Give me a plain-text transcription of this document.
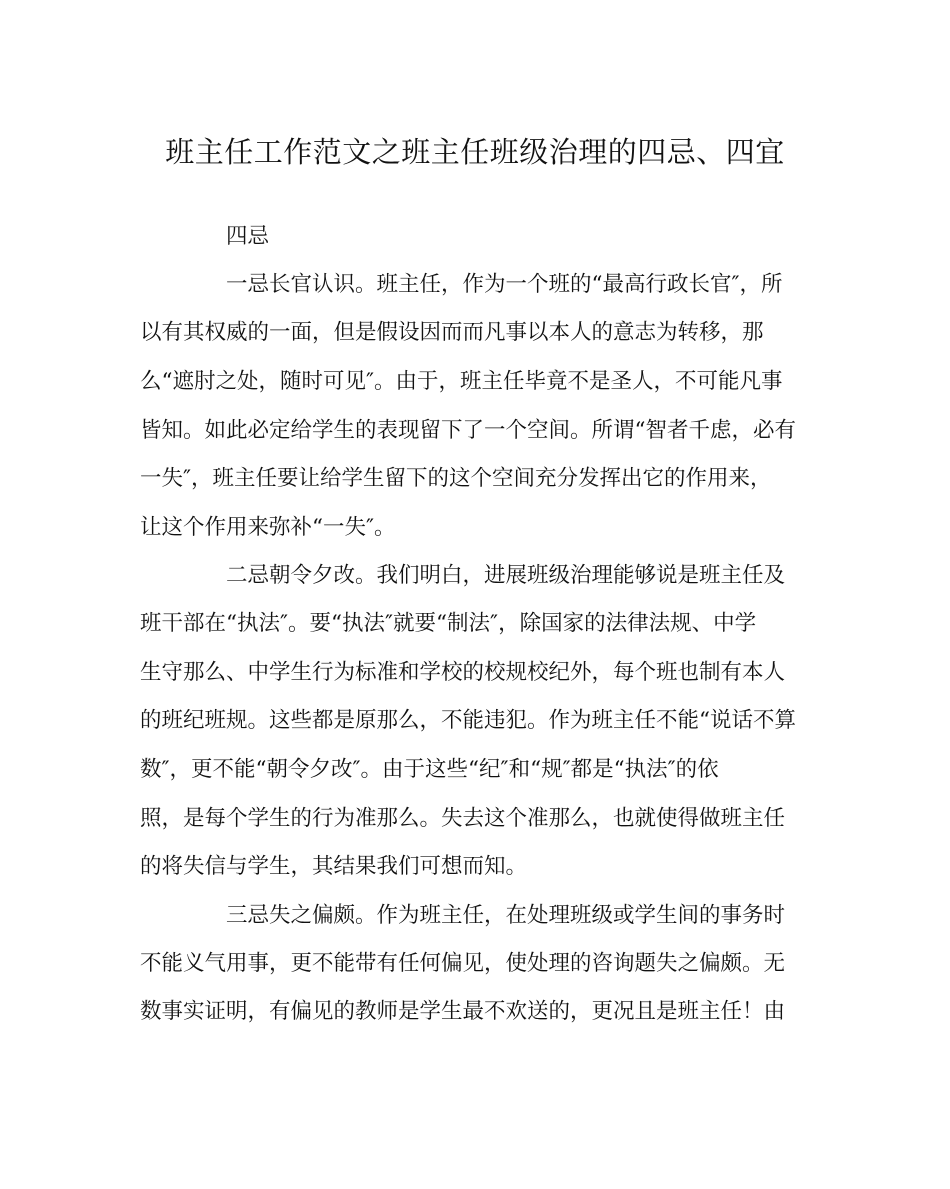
班主任工作范文之班主任班级治理的四忌、四宜
四忌
一忌长官认识。班主任，作为一个班的“最高行政长官″，所
以有其权威的一面，但是假设因而而凡事以本人的意志为转移，那
么“遮肘之处，随时可见″。由于，班主任毕竟不是圣人，不可能凡事
皆知。如此必定给学生的表现留下了一个空间。所谓“智者千虑，必有
一失″，班主任要让给学生留下的这个空间充分发挥出它的作用来，
让这个作用来弥补“一失″。
二忌朝令夕改。我们明白，进展班级治理能够说是班主任及
班干部在“执法″。要“执法″就要“制法″，除国家的法律法规、中学
生守那么、中学生行为标准和学校的校规校纪外，每个班也制有本人
的班纪班规。这些都是原那么，不能违犯。作为班主任不能“说话不算
数″，更不能“朝令夕改″。由于这些“纪″和“规″都是“执法″的依
照，是每个学生的行为准那么。失去这个准那么，也就使得做班主任
的将失信与学生，其结果我们可想而知。
三忌失之偏颇。作为班主任，在处理班级或学生间的事务时
不能义气用事，更不能带有任何偏见，使处理的咨询题失之偏颇。无
数事实证明，有偏见的教师是学生最不欢送的，更况且是班主任！由
